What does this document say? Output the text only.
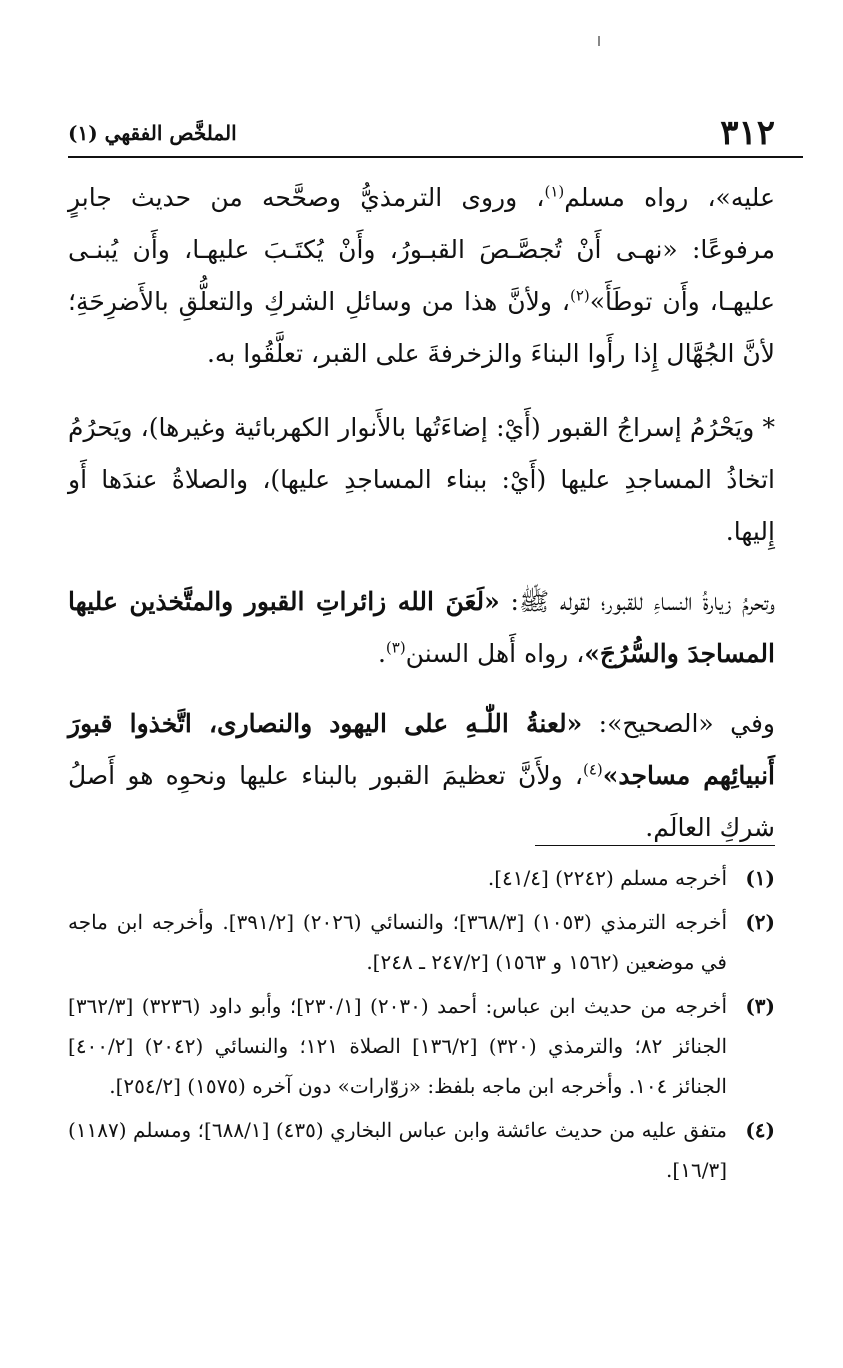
٣١٢
الملخَّص الفقهي (١)

عليه»، رواه مسلم$^{(١)}$، وروى الترمذيُّ وصحَّحه من حديث جابرٍ مرفوعًا: «نهـى أَنْ تُجصَّـصَ القبـورُ، وأَنْ يُكتَـبَ عليهـا، وأَن يُبنـى عليهـا، وأَن توطَأَ»$^{(٢)}$، ولأنَّ هذا من وسائلِ الشركِ والتعلُّقِ بالأَضرِحَةِ؛ لأنَّ الجُهَّال إِذا رأَوا البناءَ والزخرفةَ على القبر، تعلَّقُوا به.

* ويَحْرُمُ إسراجُ القبور (أَيْ: إضاءَتُها بالأَنوار الكهربائية وغيرها)، ويَحرُمُ اتخاذُ المساجدِ عليها (أَيْ: ببناء المساجدِ عليها)، والصلاةُ عندَها أَو إِليها.

وتحرمُ زيارةُ النساءِ للقبور؛ لقوله ﷺ: «لَعَنَ الله زائراتِ القبور والمتَّخذين عليها المساجدَ والسُّرُجَ»، رواه أَهل السنن$^{(٣)}$.

وفي «الصحيح»: «لعنةُ اللّٰـهِ على اليهود والنصارى، اتَّخذوا قبورَ أَنبيائِهم مساجد»$^{(٤)}$، ولأَنَّ تعظيمَ القبور بالبناء عليها ونحوِه هو أَصلُ شركِ العالَم.

(١)
أخرجه مسلم (٢٢٤٢) [٤١/٤].
(٢)
أخرجه الترمذي (١٠٥٣) [٣٦٨/٣]؛ والنسائي (٢٠٢٦) [٣٩١/٢]. وأخرجه ابن ماجه في موضعين (١٥٦٢ و ١٥٦٣) [٢٤٧/٢ ـ ٢٤٨].
(٣)
أخرجه من حديث ابن عباس: أحمد (٢٠٣٠) [٢٣٠/١]؛ وأبو داود (٣٢٣٦) [٣٦٢/٣] الجنائز ٨٢؛ والترمذي (٣٢٠) [١٣٦/٢] الصلاة ١٢١؛ والنسائي (٢٠٤٢) [٤٠٠/٢] الجنائز ١٠٤. وأخرجه ابن ماجه بلفظ: «زوّارات» دون آخره (١٥٧٥) [٢٥٤/٢].
(٤)
متفق عليه من حديث عائشة وابن عباس البخاري (٤٣٥) [٦٨٨/١]؛ ومسلم (١١٨٧) [١٦/٣].
